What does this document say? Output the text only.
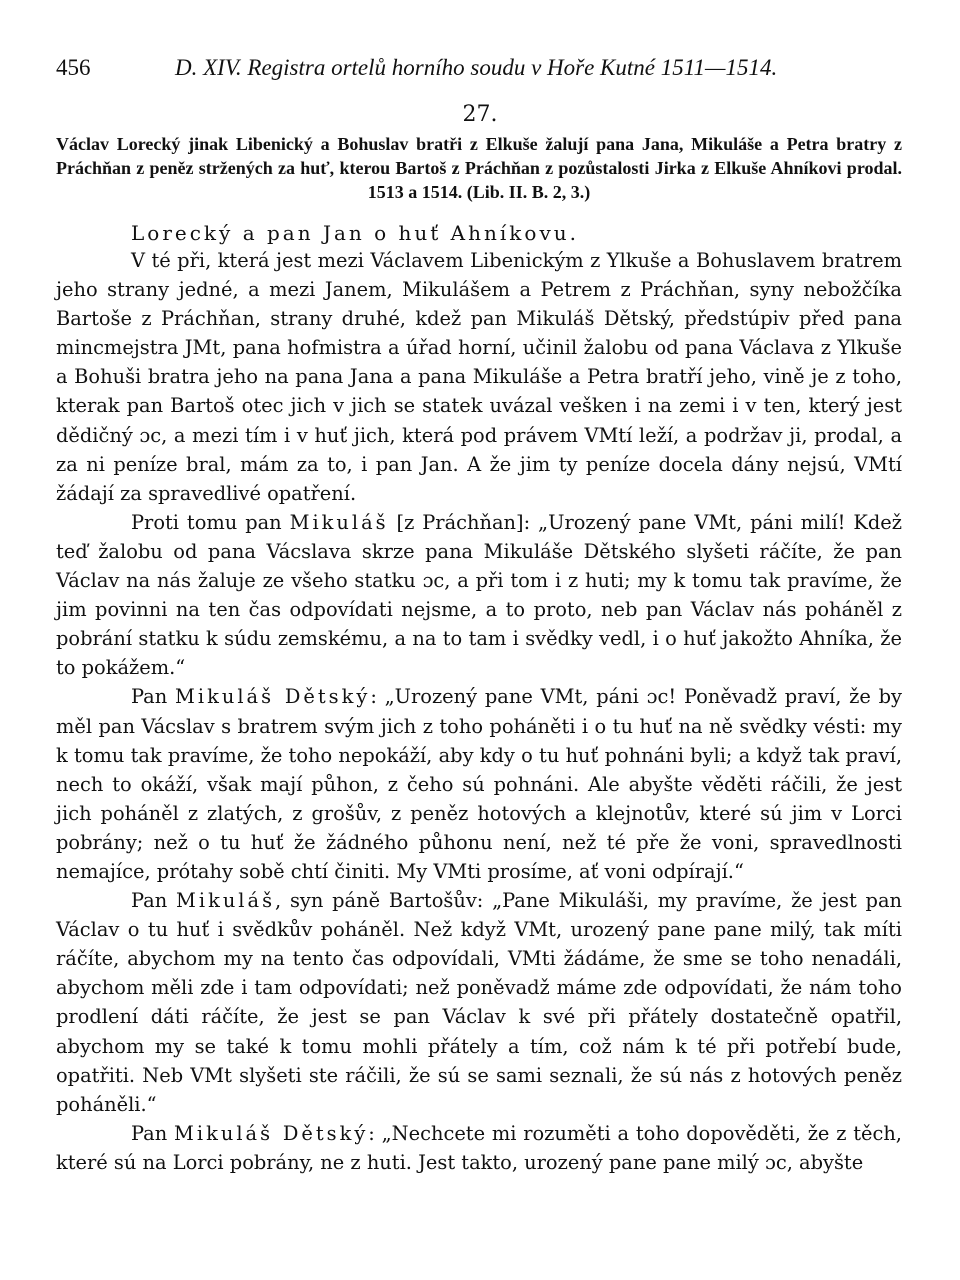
456	D. XIV. Registra ortelů horního soudu v Hoře Kutné 1511—1514.
27.
Václav Lorecký jinak Libenický a Bohuslav bratři z Elkuše žalují pana Jana, Mikuláše a Petra bratry z Práchňan z peněz stržených za huť, kterou Bartoš z Práchňan z pozůstalosti Jirka z Elkuše Ahníkovi prodal. 1513 a 1514. (Lib. II. B. 2, 3.)
Lorecký a pan Jan o huť Ahníkovu.

V té při, která jest mezi Václavem Libenickým z Ylkuše a Bohuslavem bratrem jeho strany jedné, a mezi Janem, Mikulášem a Petrem z Práchňan, syny nebožčíka Bartoše z Práchňan, strany druhé, kdež pan Mikuláš Dětský, předstúpiv před pana mincmejstra JMt, pana hofmistra a úřad horní, učinil žalobu od pana Václava z Ylkuše a Bohuši bratra jeho na pana Jana a pana Mikuláše a Petra bratří jeho, vině je z toho, kterak pan Bartoš otec jich v jich se statek uvázal vešken i na zemi i v ten, který jest dědičný ɔc, a mezi tím i v huť jich, která pod právem VMtí leží, a podržav ji, prodal, a za ni peníze bral, mám za to, i pan Jan. A že jim ty peníze docela dány nejsú, VMtí žádají za spravedlivé opatření.

Proti tomu pan Mikuláš [z Práchňan]: „Urozený pane VMt, páni milí! Kdež teď žalobu od pana Vácslava skrze pana Mikuláše Dětského slyšeti ráčíte, že pan Václav na nás žaluje ze všeho statku ɔc, a při tom i z huti; my k tomu tak pravíme, že jim povinni na ten čas odpovídati nejsme, a to proto, neb pan Václav nás poháněl z pobrání statku k súdu zemskému, a na to tam i svědky vedl, i o huť jakožto Ahníka, že to pokážem.“

Pan Mikuláš Dětský: „Urozený pane VMt, páni ɔc! Poněvadž praví, že by měl pan Vácslav s bratrem svým jich z toho poháněti i o tu huť na ně svědky vésti: my k tomu tak pravíme, že toho nepokáží, aby kdy o tu huť pohnáni byli; a když tak praví, nech to okáží, však mají půhon, z čeho sú pohnáni. Ale abyšte věděti ráčili, že jest jich poháněl z zlatých, z grošův, z peněz hotových a klejnotův, které sú jim v Lorci pobrány; než o tu huť že žádného půhonu není, než té pře že voni, spravedlnosti nemajíce, prótahy sobě chtí činiti. My VMti prosíme, ať voni odpírají.“

Pan Mikuláš, syn páně Bartošův: „Pane Mikuláši, my pravíme, že jest pan Václav o tu huť i svědkův poháněl. Než když VMt, urozený pane pane milý, tak míti ráčíte, abychom my na tento čas odpovídali, VMti žádáme, že sme se toho nenadáli, abychom měli zde i tam odpovídati; než poněvadž máme zde odpovídati, že nám toho prodlení dáti ráčíte, že jest se pan Václav k své při přátely dostatečně opatřil, abychom my se také k tomu mohli přátely a tím, což nám k té při potřebí bude, opatřiti. Neb VMt slyšeti ste ráčili, že sú se sami seznali, že sú nás z hotových peněz poháněli.“

Pan Mikuláš Dětský: „Nechcete mi rozuměti a toho dopověděti, že z těch, které sú na Lorci pobrány, ne z huti. Jest takto, urozený pane pane milý ɔc, abyšte
